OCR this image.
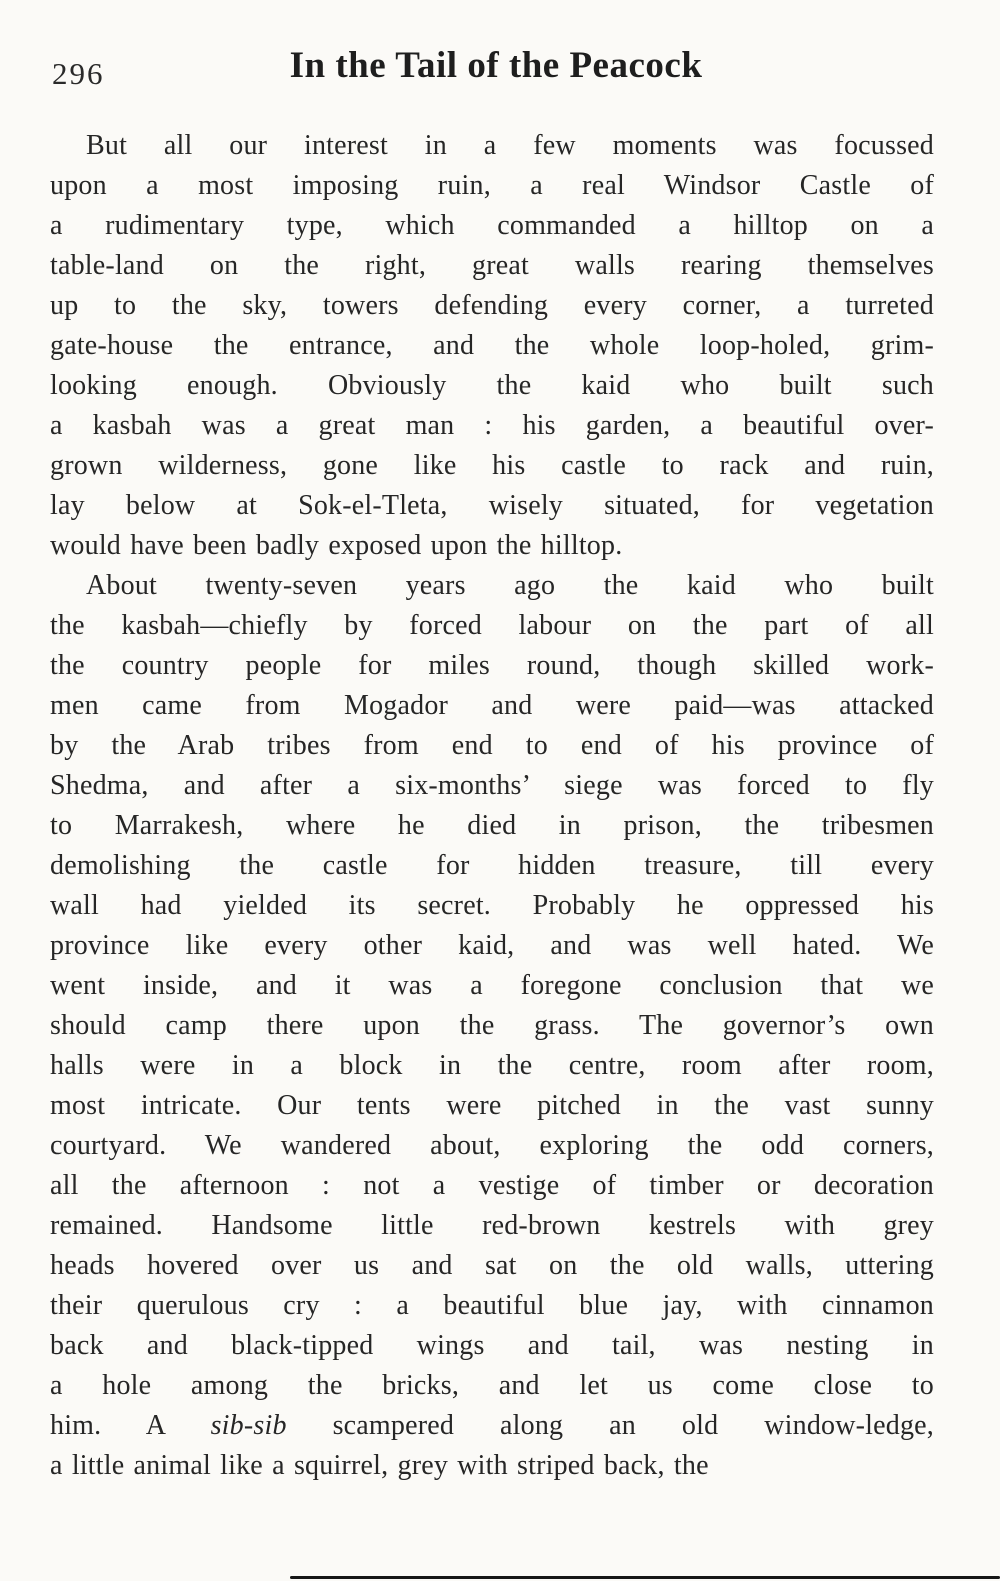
296	In the Tail of the Peacock
But all our interest in a few moments was focussed
upon a most imposing ruin, a real Windsor Castle of
a rudimentary type, which commanded a hilltop on a
table-land on the right, great walls rearing themselves
up to the sky, towers defending every corner, a turreted
gate-house the entrance, and the whole loop-holed, grim-
looking enough. Obviously the kaid who built such
a kasbah was a great man : his garden, a beautiful over-
grown wilderness, gone like his castle to rack and ruin,
lay below at Sok-el-Tleta, wisely situated, for vegetation
would have been badly exposed upon the hilltop.
About twenty-seven years ago the kaid who built
the kasbah—chiefly by forced labour on the part of all
the country people for miles round, though skilled work-
men came from Mogador and were paid—was attacked
by the Arab tribes from end to end of his province of
Shedma, and after a six-months’ siege was forced to fly
to Marrakesh, where he died in prison, the tribesmen
demolishing the castle for hidden treasure, till every
wall had yielded its secret. Probably he oppressed his
province like every other kaid, and was well hated. We
went inside, and it was a foregone conclusion that we
should camp there upon the grass. The governor’s own
halls were in a block in the centre, room after room,
most intricate. Our tents were pitched in the vast sunny
courtyard. We wandered about, exploring the odd corners,
all the afternoon : not a vestige of timber or decoration
remained. Handsome little red-brown kestrels with grey
heads hovered over us and sat on the old walls, uttering
their querulous cry : a beautiful blue jay, with cinnamon
back and black-tipped wings and tail, was nesting in
a hole among the bricks, and let us come close to
him. A sib-sib scampered along an old window-ledge,
a little animal like a squirrel, grey with striped back, the
